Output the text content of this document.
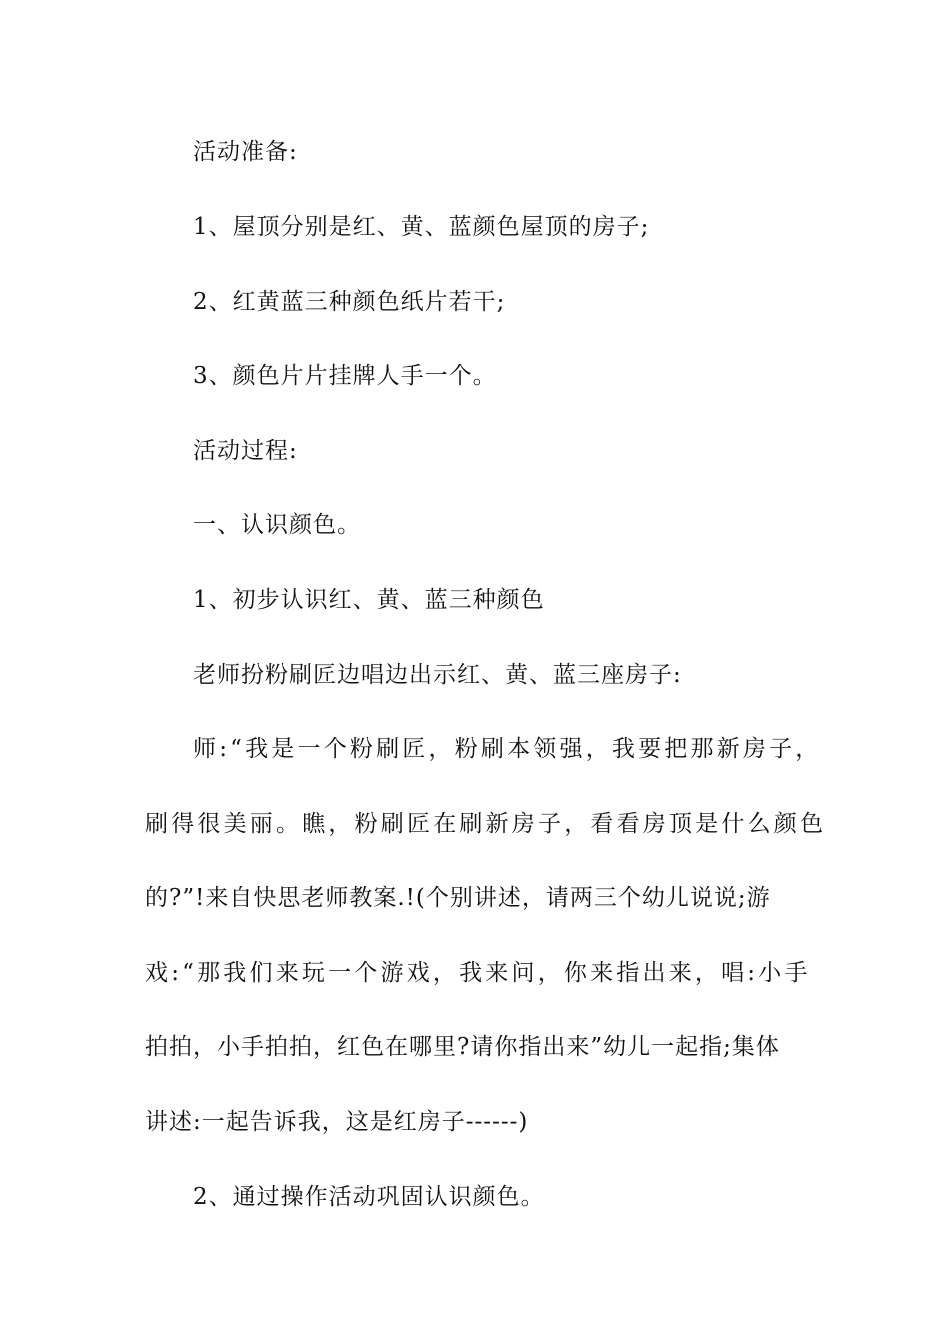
活动准备:
1、屋顶分别是红、黄、蓝颜色屋顶的房子;
2、红黄蓝三种颜色纸片若干;
3、颜色片片挂牌人手一个。
活动过程:
一、认识颜色。
1、初步认识红、黄、蓝三种颜色
老师扮粉刷匠边唱边出示红、黄、蓝三座房子:
师:“我是一个粉刷匠，粉刷本领强，我要把那新房子，
刷得很美丽。瞧，粉刷匠在刷新房子，看看房顶是什么颜色
的?”!来自快思老师教案.!(个别讲述，请两三个幼儿说说;游
戏:“那我们来玩一个游戏，我来问，你来指出来，唱:小手
拍拍，小手拍拍，红色在哪里?请你指出来”幼儿一起指;集体
讲述:一起告诉我，这是红房子------)
2、通过操作活动巩固认识颜色。
